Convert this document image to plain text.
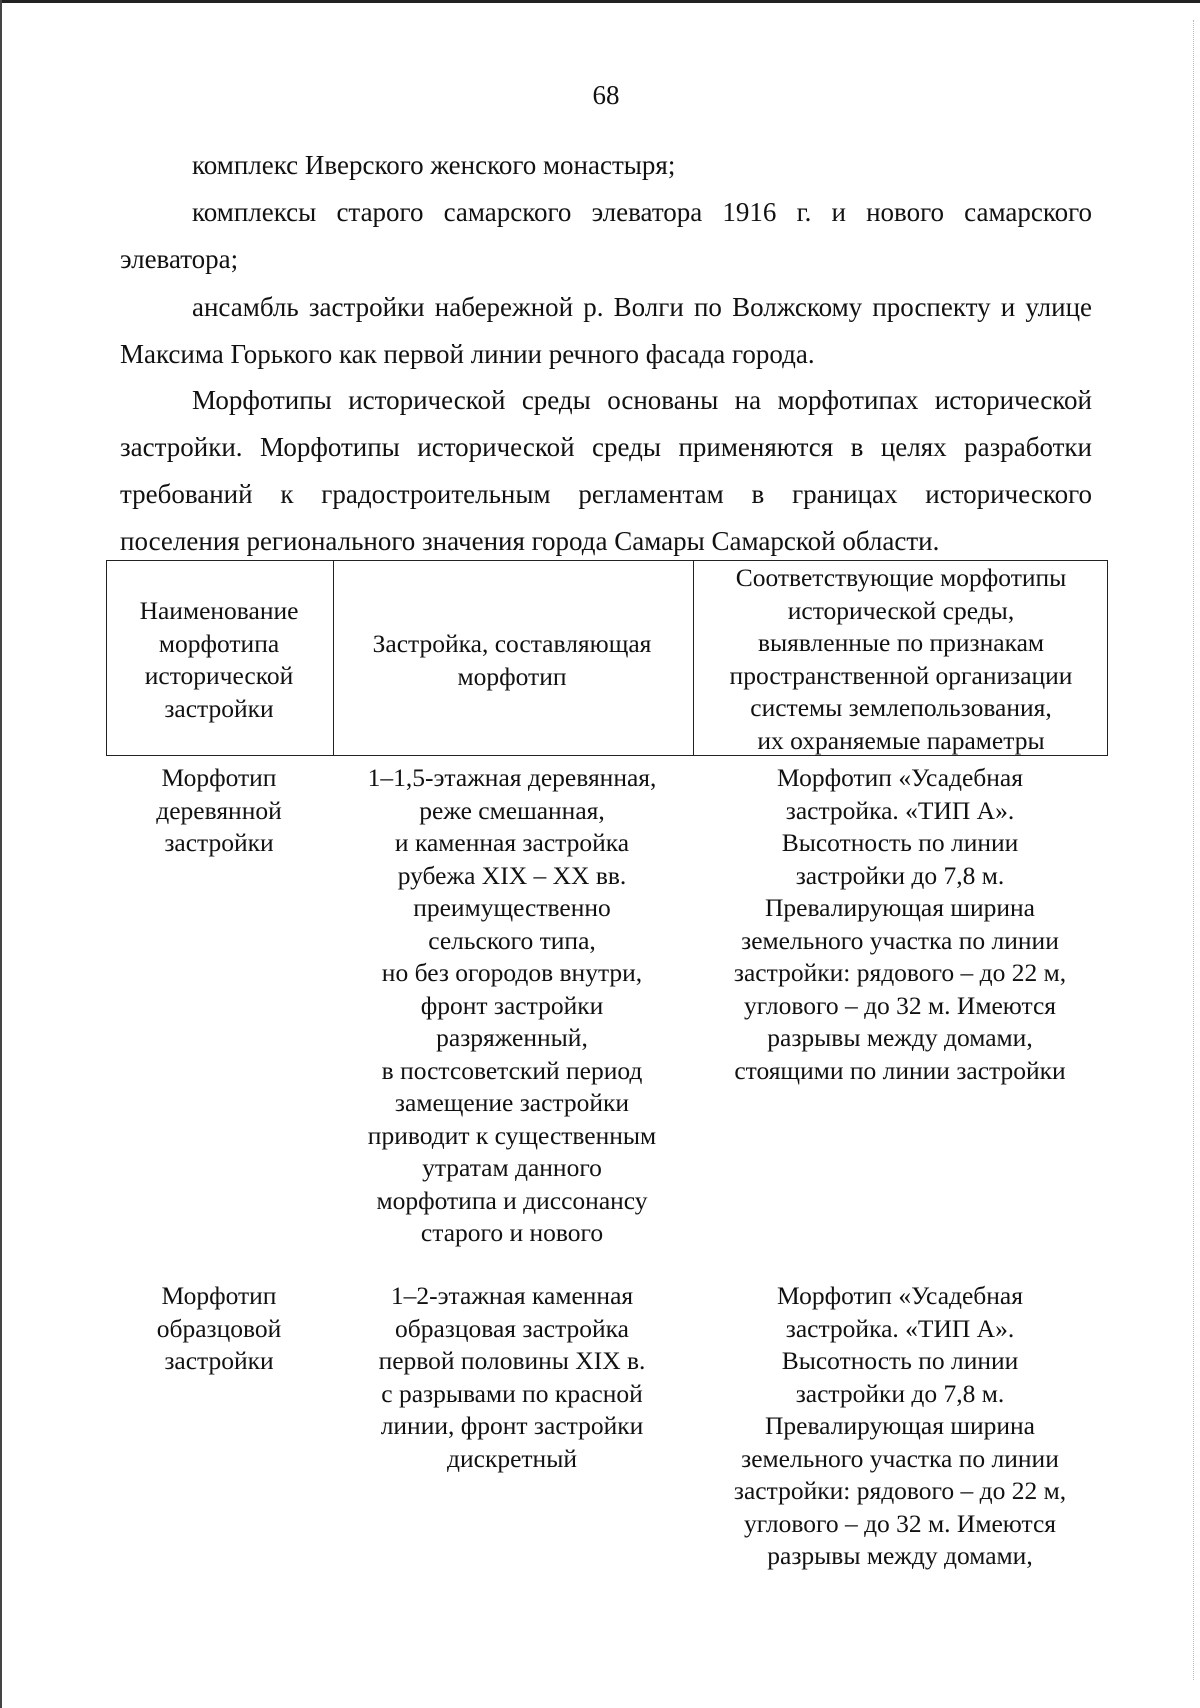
68

комплекс Иверского женского монастыря;

комплексы старого самарского элеватора 1916 г. и нового самарского элеватора;

ансамбль застройки набережной р. Волги по Волжскому проспекту и улице Максима Горького как первой линии речного фасада города.

Морфотипы исторической среды основаны на морфотипах исторической застройки. Морфотипы исторической среды применяются в целях разработки требований к градостроительным регламентам в границах исторического поселения регионального значения города Самары Самарской области.

Наименование
морфотипа
исторической
застройки
Застройка, составляющая
морфотип
Соответствующие морфотипы
исторической среды,
выявленные по признакам
пространственной организации
системы землепользования,
их охраняемые параметры
Морфотип
деревянной
застройки
1–1,5-этажная деревянная,
реже смешанная,
и каменная застройка
рубежа XIX – XX вв.
преимущественно
сельского типа,
но без огородов внутри,
фронт застройки
разряженный,
в постсоветский период
замещение застройки
приводит к существенным
утратам данного
морфотипа и диссонансу
старого и нового
Морфотип «Усадебная
застройка. «ТИП А».
Высотность по линии
застройки до 7,8 м.
Превалирующая ширина
земельного участка по линии
застройки: рядового – до 22 м,
углового – до 32 м. Имеются
разрывы между домами,
стоящими по линии застройки
Морфотип
образцовой
застройки
1–2-этажная каменная
образцовая застройка
первой половины XIX в.
с разрывами по красной
линии, фронт застройки
дискретный
Морфотип «Усадебная
застройка. «ТИП А».
Высотность по линии
застройки до 7,8 м.
Превалирующая ширина
земельного участка по линии
застройки: рядового – до 22 м,
углового – до 32 м. Имеются
разрывы между домами,
